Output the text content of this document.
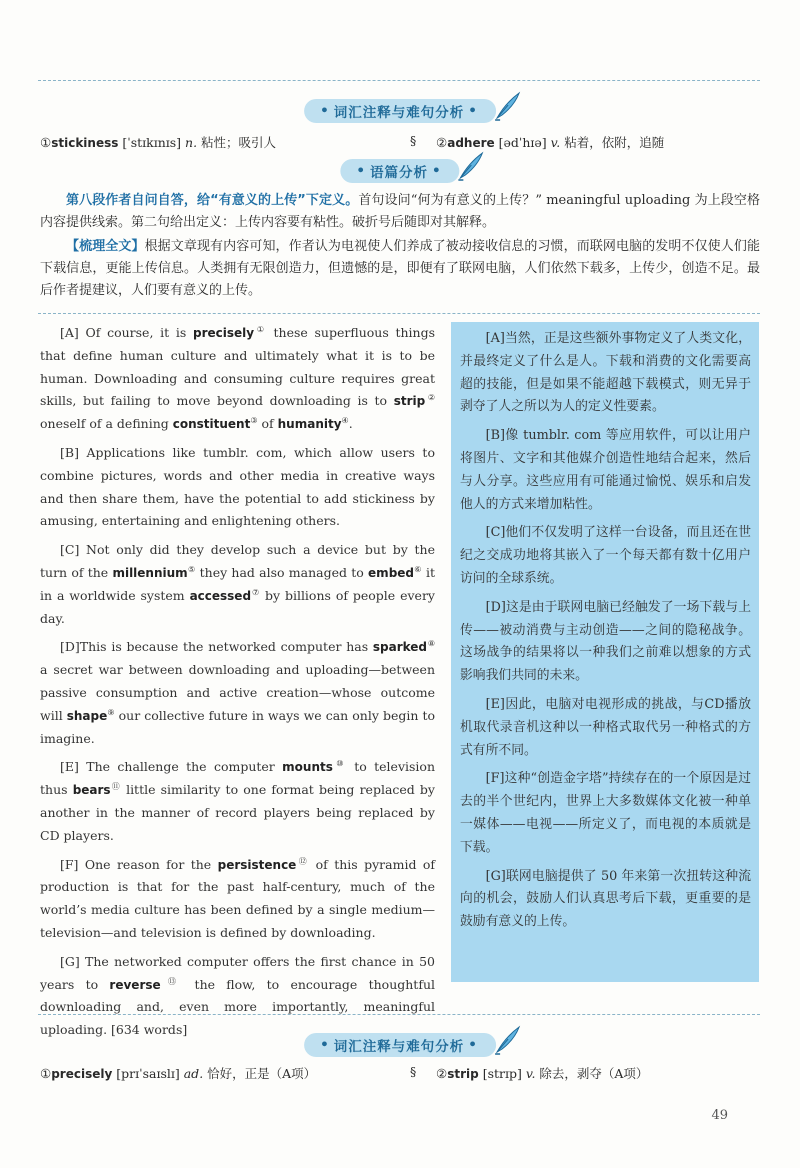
• 词汇注释与难句分析 •
①stickiness [ˈstɪkɪnɪs] n. 粘性；吸引人	§ ②adhere [ədˈhɪə] v. 粘着，依附，追随
• 语篇分析 •
第八段作者自问自答，给“有意义的上传”下定义。首句设问“何为有意义的上传？” meaningful uploading 为上段空格内容提供线索。第二句给出定义：上传内容要有粘性。破折号后随即对其解释。
【梳理全文】根据文章现有内容可知，作者认为电视使人们养成了被动接收信息的习惯，而联网电脑的发明不仅使人们能下载信息，更能上传信息。人类拥有无限创造力，但遗憾的是，即便有了联网电脑，人们依然下载多，上传少，创造不足。最后作者提建议，人们要有意义的上传。

[A] Of course, it is precisely① these superfluous things that define human culture and ultimately what it is to be human. Downloading and consuming culture requires great skills, but failing to move beyond downloading is to strip② oneself of a defining constituent③ of humanity④.

[B] Applications like tumblr. com, which allow users to combine pictures, words and other media in creative ways and then share them, have the potential to add stickiness by amusing, entertaining and enlightening others.

[C] Not only did they develop such a device but by the turn of the millennium⑤ they had also managed to embed⑥ it in a worldwide system accessed⑦ by billions of people every day.

[D]This is because the networked computer has sparked⑧ a secret war between downloading and uploading—between passive consumption and active creation—whose outcome will shape⑨ our collective future in ways we can only begin to imagine.

[E] The challenge the computer mounts⑩ to television thus bears⑪ little similarity to one format being replaced by another in the manner of record players being replaced by CD players.

[F] One reason for the persistence⑫ of this pyramid of production is that for the past half-century, much of the world’s media culture has been defined by a single medium—television—and television is defined by downloading.

[G] The networked computer offers the first chance in 50 years to reverse⑬ the flow, to encourage thoughtful downloading and, even more importantly, meaningful uploading. [634 words]

[A]当然，正是这些额外事物定义了人类文化，并最终定义了什么是人。下载和消费的文化需要高超的技能，但是如果不能超越下载模式，则无异于剥夺了人之所以为人的定义性要素。

[B]像 tumblr. com 等应用软件，可以让用户将图片、文字和其他媒介创造性地结合起来，然后与人分享。这些应用有可能通过愉悦、娱乐和启发他人的方式来增加粘性。

[C]他们不仅发明了这样一台设备，而且还在世纪之交成功地将其嵌入了一个每天都有数十亿用户访问的全球系统。

[D]这是由于联网电脑已经触发了一场下载与上传——被动消费与主动创造——之间的隐秘战争。这场战争的结果将以一种我们之前难以想象的方式影响我们共同的未来。

[E]因此，电脑对电视形成的挑战，与CD播放机取代录音机这种以一种格式取代另一种格式的方式有所不同。

[F]这种“创造金字塔”持续存在的一个原因是过去的半个世纪内，世界上大多数媒体文化被一种单一媒体——电视——所定义了，而电视的本质就是下载。

[G]联网电脑提供了 50 年来第一次扭转这种流向的机会，鼓励人们认真思考后下载，更重要的是鼓励有意义的上传。

• 词汇注释与难句分析 •
①precisely [prɪˈsaɪslɪ] ad. 恰好，正是（A项）	§ ②strip [strɪp] v. 除去，剥夺（A项）
49
